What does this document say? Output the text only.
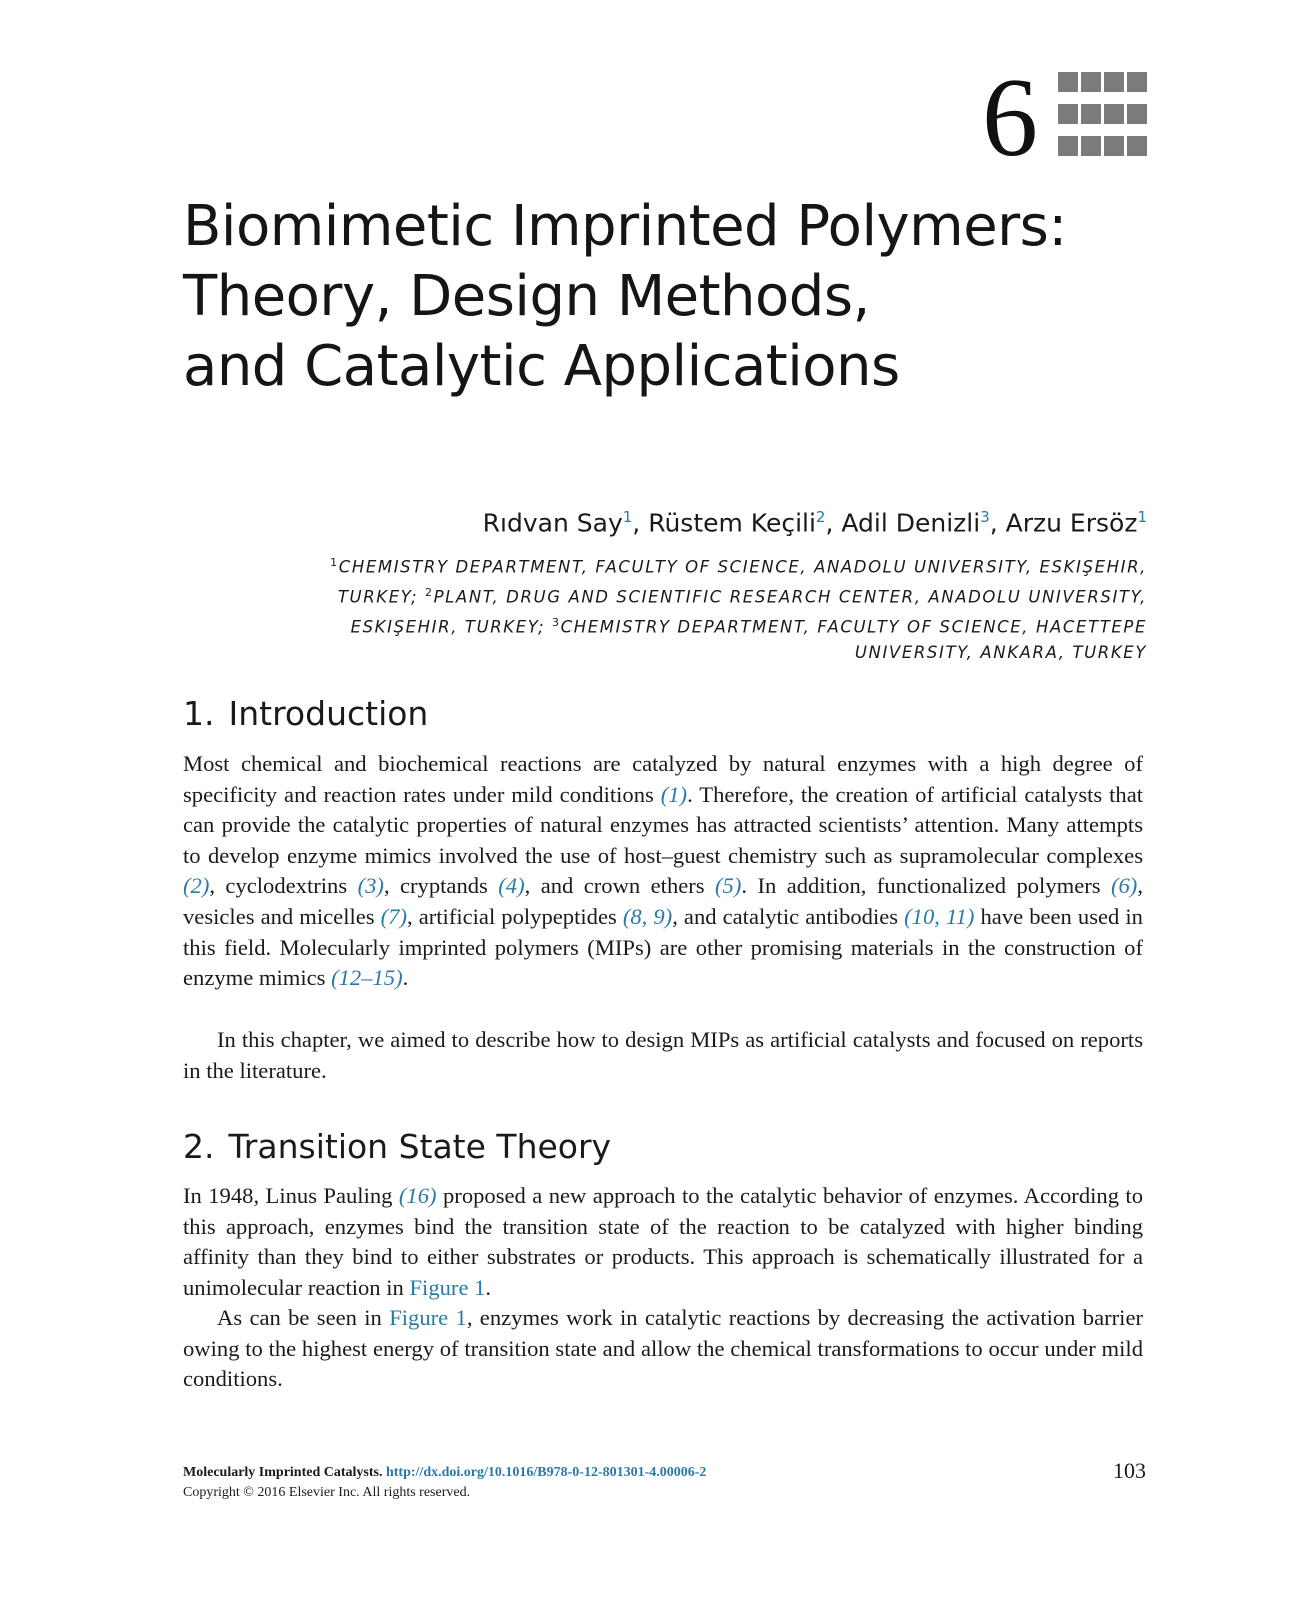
6
Biomimetic Imprinted Polymers:
Theory, Design Methods,
and Catalytic Applications
Rıdvan Say$^1$, Rüstem Keçili$^2$, Adil Denizli$^3$, Arzu Ersöz$^1$
$^1$CHEMISTRY DEPARTMENT, FACULTY OF SCIENCE, ANADOLU UNIVERSITY, ESKIŞEHIR, TURKEY; $^2$PLANT, DRUG AND SCIENTIFIC RESEARCH CENTER, ANADOLU UNIVERSITY, ESKIŞEHIR, TURKEY; $^3$CHEMISTRY DEPARTMENT, FACULTY OF SCIENCE, HACETTEPE UNIVERSITY, ANKARA, TURKEY
1. Introduction

Most chemical and biochemical reactions are catalyzed by natural enzymes with a high degree of specificity and reaction rates under mild conditions (1). Therefore, the creation of artificial catalysts that can provide the catalytic properties of natural enzymes has attracted scientists’ attention. Many attempts to develop enzyme mimics involved the use of host–guest chemistry such as supramolecular complexes (2), cyclodextrins (3), cryptands (4), and crown ethers (5). In addition, functionalized polymers (6), vesicles and micelles (7), artificial polypeptides (8, 9), and catalytic antibodies (10, 11) have been used in this field. Molecularly imprinted polymers (MIPs) are other promising materials in the construction of enzyme mimics (12–15).

In this chapter, we aimed to describe how to design MIPs as artificial catalysts and focused on reports in the literature.

2. Transition State Theory

In 1948, Linus Pauling (16) proposed a new approach to the catalytic behavior of enzymes. According to this approach, enzymes bind the transition state of the reaction to be catalyzed with higher binding affinity than they bind to either substrates or products. This approach is schematically illustrated for a unimolecular reaction in Figure 1.

As can be seen in Figure 1, enzymes work in catalytic reactions by decreasing the activation barrier owing to the highest energy of transition state and allow the chemical transformations to occur under mild conditions.

Molecularly Imprinted Catalysts. http://dx.doi.org/10.1016/B978-0-12-801301-4.00006-2
Copyright © 2016 Elsevier Inc. All rights reserved.
103
